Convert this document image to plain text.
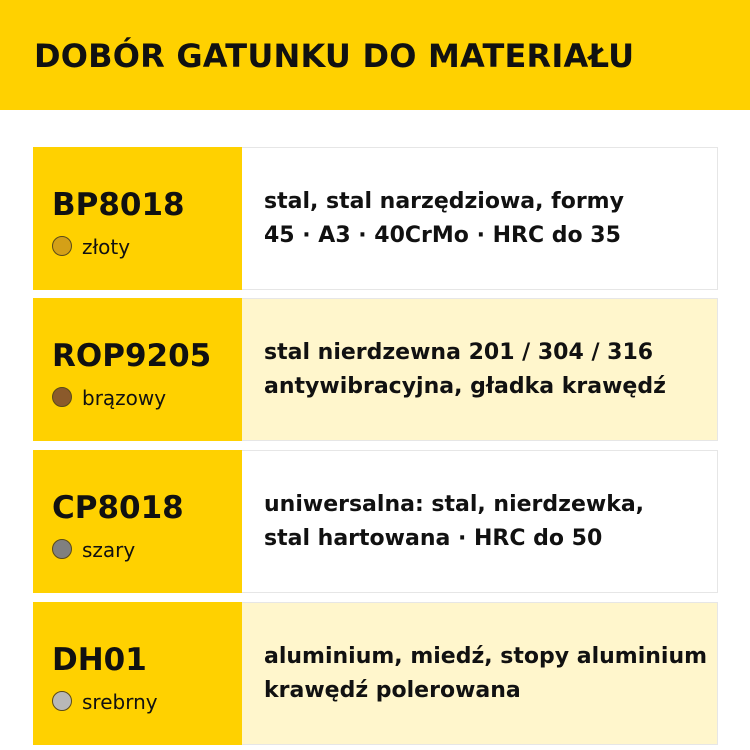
DOBÓR GATUNKU DO MATERIAŁU
BP8018
złoty
stal, stal narzędziowa, formy
45 · A3 · 40CrMo · HRC do 35
ROP9205
brązowy
stal nierdzewna 201 / 304 / 316
antywibracyjna, gładka krawędź
CP8018
szary
uniwersalna: stal, nierdzewka,
stal hartowana · HRC do 50
DH01
srebrny
aluminium, miedź, stopy aluminium
krawędź polerowana
